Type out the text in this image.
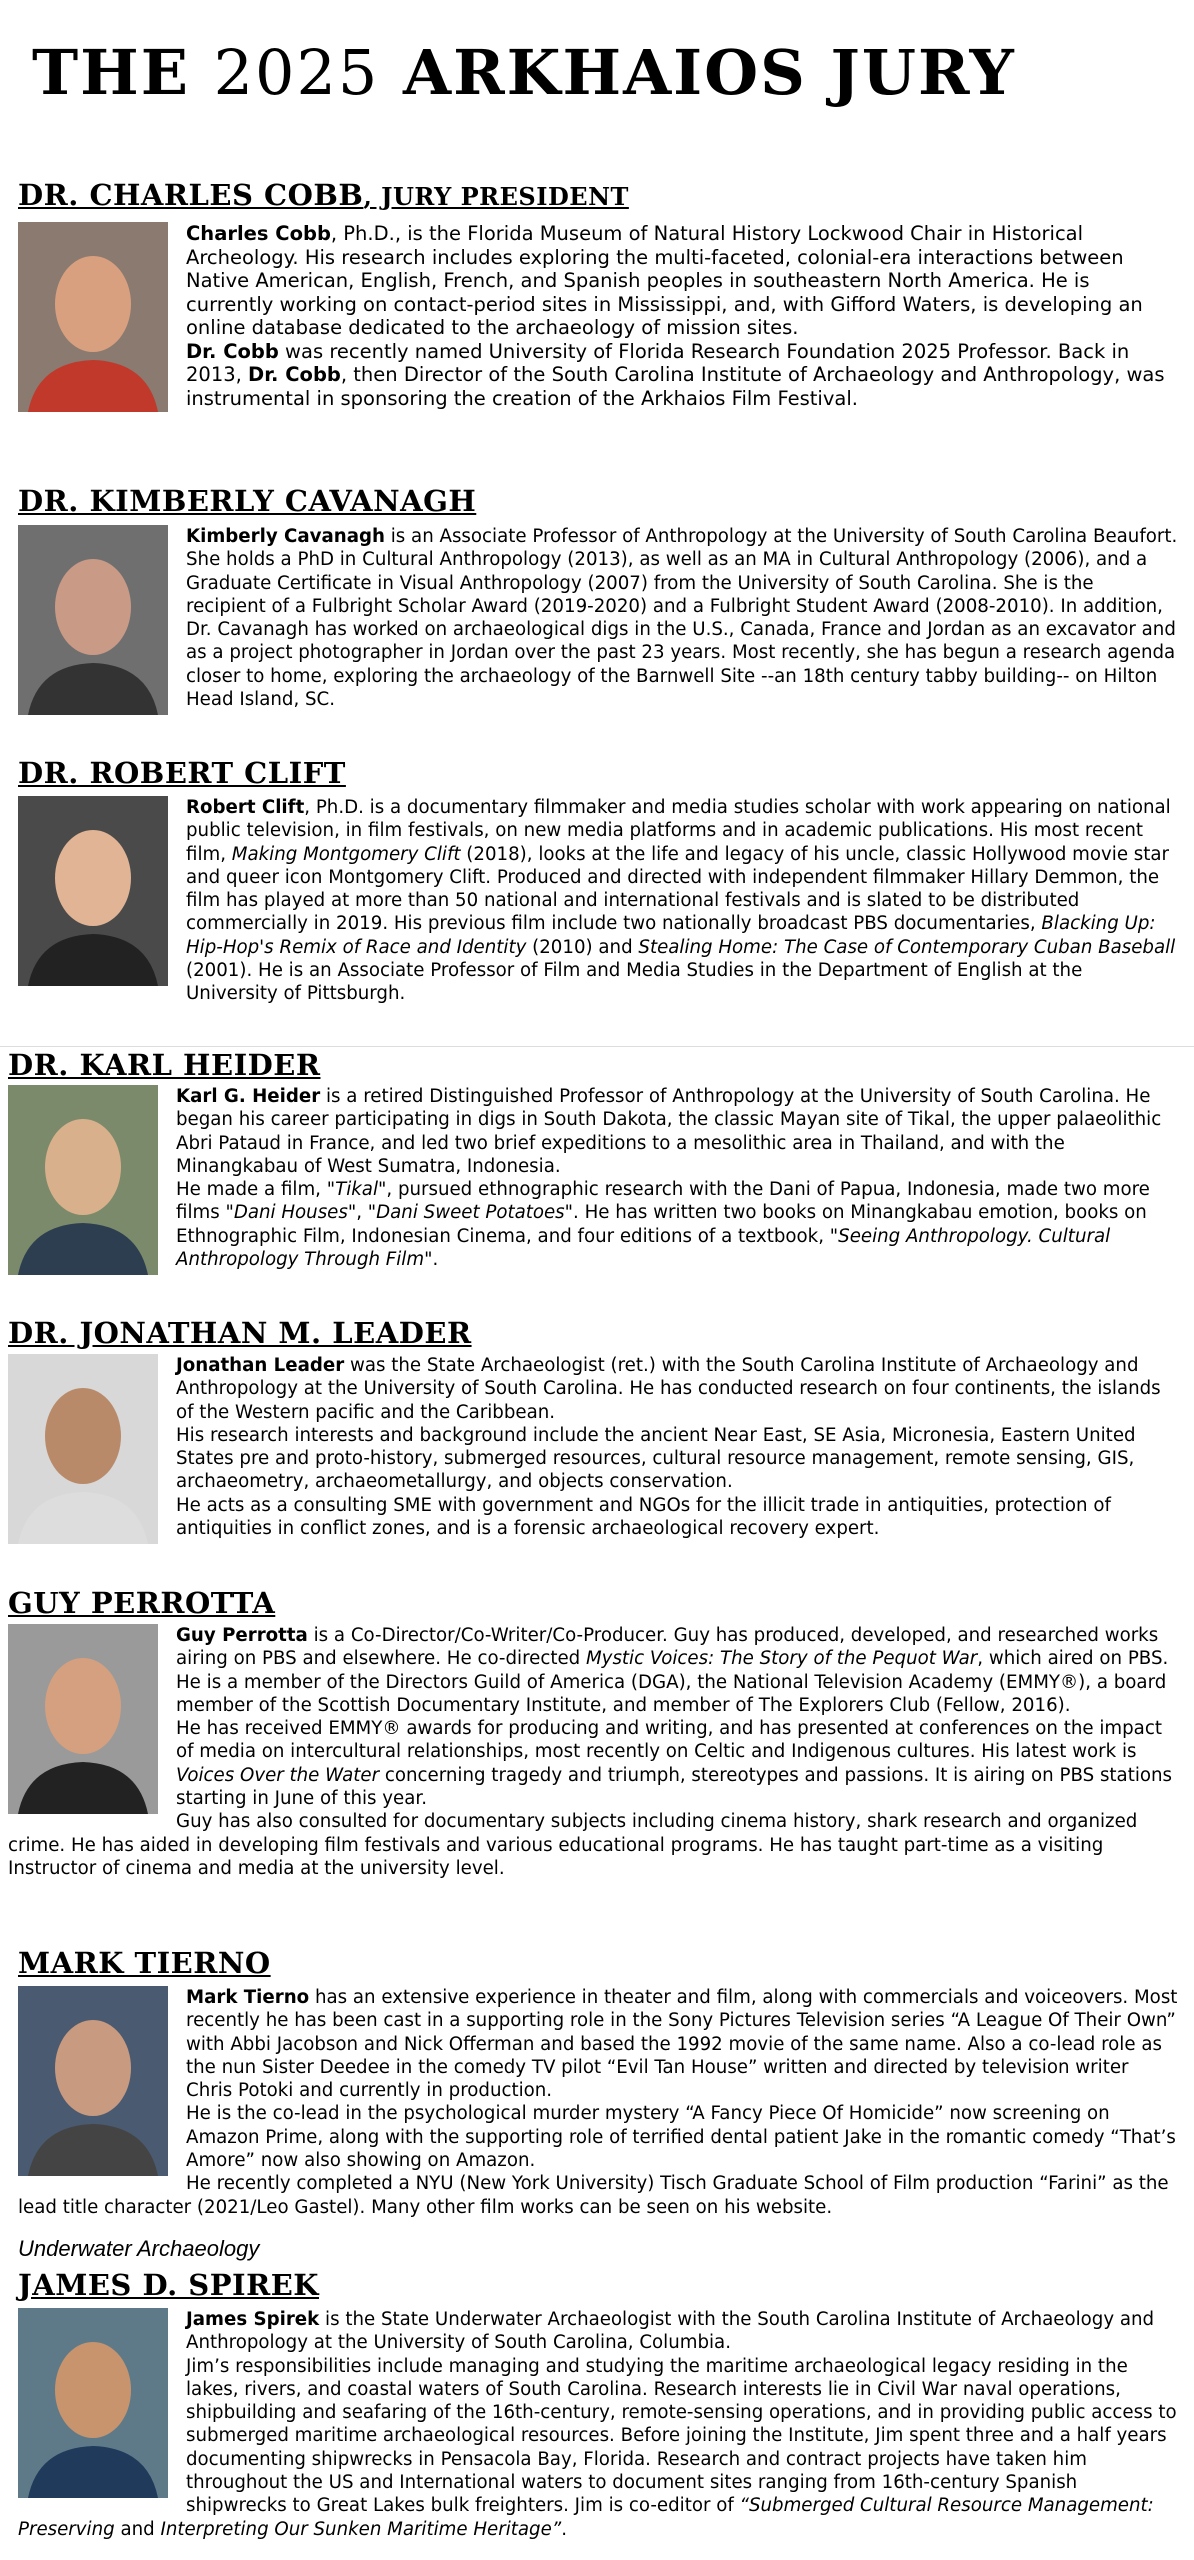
THE 2025 ARKHAIOS JURY
DR. CHARLES COBB, JURY PRESIDENT

Charles Cobb, Ph.D., is the Florida Museum of Natural History Lockwood Chair in Historical Archeology. His research includes exploring the multi-faceted, colonial-era interactions between Native American, English, French, and Spanish peoples in southeastern North America. He is currently working on contact-period sites in Mississippi, and, with Gifford Waters, is developing an online database dedicated to the archaeology of mission sites.

Dr. Cobb was recently named University of Florida Research Foundation 2025 Professor. Back in 2013, Dr. Cobb, then Director of the South Carolina Institute of Archaeology and Anthropology, was instrumental in sponsoring the creation of the Arkhaios Film Festival.

DR. KIMBERLY CAVANAGH

Kimberly Cavanagh is an Associate Professor of Anthropology at the University of South Carolina Beaufort. She holds a PhD in Cultural Anthropology (2013), as well as an MA in Cultural Anthropology (2006), and a Graduate Certificate in Visual Anthropology (2007) from the University of South Carolina. She is the recipient of a Fulbright Scholar Award (2019-2020) and a Fulbright Student Award (2008-2010). In addition, Dr. Cavanagh has worked on archaeological digs in the U.S., Canada, France and Jordan as an excavator and as a project photographer in Jordan over the past 23 years. Most recently, she has begun a research agenda closer to home, exploring the archaeology of the Barnwell Site --an 18th century tabby building-- on Hilton Head Island, SC.

DR. ROBERT CLIFT

Robert Clift, Ph.D. is a documentary filmmaker and media studies scholar with work appearing on national public television, in film festivals, on new media platforms and in academic publications. His most recent film, Making Montgomery Clift (2018), looks at the life and legacy of his uncle, classic Hollywood movie star and queer icon Montgomery Clift. Produced and directed with independent filmmaker Hillary Demmon, the film has played at more than 50 national and international festivals and is slated to be distributed commercially in 2019. His previous film include two nationally broadcast PBS documentaries, Blacking Up: Hip-Hop's Remix of Race and Identity (2010) and Stealing Home: The Case of Contemporary Cuban Baseball (2001). He is an Associate Professor of Film and Media Studies in the Department of English at the University of Pittsburgh.

DR. KARL HEIDER

Karl G. Heider is a retired Distinguished Professor of Anthropology at the University of South Carolina. He began his career participating in digs in South Dakota, the classic Mayan site of Tikal, the upper palaeolithic Abri Pataud in France, and led two brief expeditions to a mesolithic area in Thailand, and with the Minangkabau of West Sumatra, Indonesia.

He made a film, "Tikal", pursued ethnographic research with the Dani of Papua, Indonesia, made two more films "Dani Houses", "Dani Sweet Potatoes". He has written two books on Minangkabau emotion, books on Ethnographic Film, Indonesian Cinema, and four editions of a textbook, "Seeing Anthropology. Cultural Anthropology Through Film".

DR. JONATHAN M. LEADER

Jonathan Leader was the State Archaeologist (ret.) with the South Carolina Institute of Archaeology and Anthropology at the University of South Carolina. He has conducted research on four continents, the islands of the Western pacific and the Caribbean.

His research interests and background include the ancient Near East, SE Asia, Micronesia, Eastern United States pre and proto-history, submerged resources, cultural resource management, remote sensing, GIS, archaeometry, archaeometallurgy, and objects conservation.

He acts as a consulting SME with government and NGOs for the illicit trade in antiquities, protection of antiquities in conflict zones, and is a forensic archaeological recovery expert.

GUY PERROTTA

Guy Perrotta is a Co-Director/Co-Writer/Co-Producer. Guy has produced, developed, and researched works airing on PBS and elsewhere. He co-directed Mystic Voices: The Story of the Pequot War, which aired on PBS. He is a member of the Directors Guild of America (DGA), the National Television Academy (EMMY®), a board member of the Scottish Documentary Institute, and member of The Explorers Club (Fellow, 2016).

He has received EMMY® awards for producing and writing, and has presented at conferences on the impact of media on intercultural relationships, most recently on Celtic and Indigenous cultures. His latest work is Voices Over the Water concerning tragedy and triumph, stereotypes and passions. It is airing on PBS stations starting in June of this year.

Guy has also consulted for documentary subjects including cinema history, shark research and organized crime. He has aided in developing film festivals and various educational programs. He has taught part-time as a visiting Instructor of cinema and media at the university level.

MARK TIERNO

Mark Tierno has an extensive experience in theater and film, along with commercials and voiceovers. Most recently he has been cast in a supporting role in the Sony Pictures Television series “A League Of Their Own” with Abbi Jacobson and Nick Offerman and based the 1992 movie of the same name. Also a co-lead role as the nun Sister Deedee in the comedy TV pilot “Evil Tan House” written and directed by television writer Chris Potoki and currently in production.

He is the co-lead in the psychological murder mystery “A Fancy Piece Of Homicide” now screening on Amazon Prime, along with the supporting role of terrified dental patient Jake in the romantic comedy “That’s Amore” now also showing on Amazon.

He recently completed a NYU (New York University) Tisch Graduate School of Film production “Farini” as the lead title character (2021/Leo Gastel). Many other film works can be seen on his website.

Underwater Archaeology
JAMES D. SPIREK

James Spirek is the State Underwater Archaeologist with the South Carolina Institute of Archaeology and Anthropology at the University of South Carolina, Columbia.

Jim’s responsibilities include managing and studying the maritime archaeological legacy residing in the lakes, rivers, and coastal waters of South Carolina. Research interests lie in Civil War naval operations, shipbuilding and seafaring of the 16th-century, remote-sensing operations, and in providing public access to submerged maritime archaeological resources. Before joining the Institute, Jim spent three and a half years documenting shipwrecks in Pensacola Bay, Florida. Research and contract projects have taken him throughout the US and International waters to document sites ranging from 16th-century Spanish shipwrecks to Great Lakes bulk freighters. Jim is co-editor of “Submerged Cultural Resource Management: Preserving and Interpreting Our Sunken Maritime Heritage”.
